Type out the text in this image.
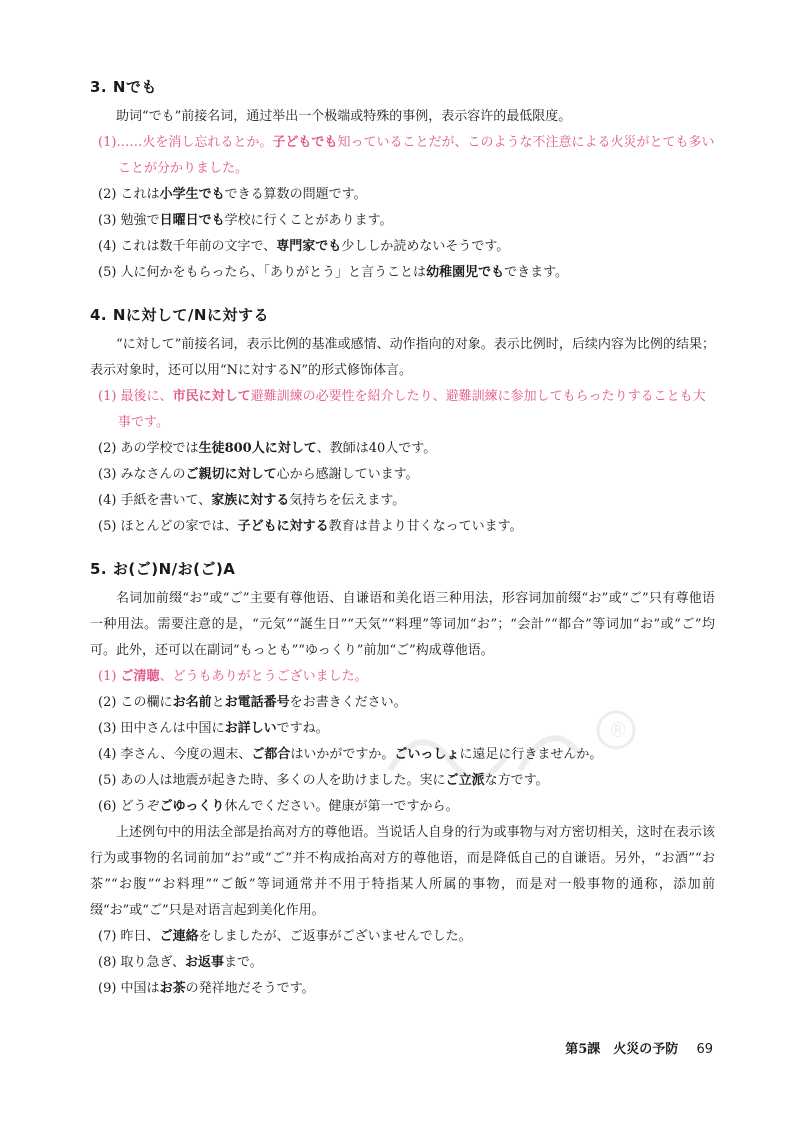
®
3. Nでも

助词“でも”前接名词，通过举出一个极端或特殊的事例，表示容许的最低限度。

(1)……火を消し忘れるとか。子どもでも知っていることだが、このような不注意による火災がとても多いことが分かりました。

(2) これは小学生でもできる算数の問題です。

(3) 勉強で日曜日でも学校に行くことがあります。

(4) これは数千年前の文字で、専門家でも少ししか読めないそうです。

(5) 人に何かをもらったら、「ありがとう」と言うことは幼稚園児でもできます。

4. Nに対して/Nに対する

“に対して”前接名词，表示比例的基准或感情、动作指向的对象。表示比例时，后续内容为比例的结果；表示对象时，还可以用“Nに対するN”的形式修饰体言。

(1) 最後に、市民に対して避難訓練の必要性を紹介したり、避難訓練に参加してもらったりすることも大事です。

(2) あの学校では生徒800人に対して、教師は40人です。

(3) みなさんのご親切に対して心から感謝しています。

(4) 手紙を書いて、家族に対する気持ちを伝えます。

(5) ほとんどの家では、子どもに対する教育は昔より甘くなっています。

5. お(ご)N/お(ご)A

名词加前缀“お”或“ご”主要有尊他语、自谦语和美化语三种用法，形容词加前缀“お”或“ご”只有尊他语一种用法。需要注意的是，“元気”“誕生日”“天気”“料理”等词加“お”；“会計”“都合”等词加“お”或“ご”均可。此外，还可以在副词“もっとも”“ゆっくり”前加“ご”构成尊他语。

(1) ご清聴、どうもありがとうございました。

(2) この欄にお名前とお電話番号をお書きください。

(3) 田中さんは中国にお詳しいですね。

(4) 李さん、今度の週末、ご都合はいかがですか。ごいっしょに遠足に行きませんか。

(5) あの人は地震が起きた時、多くの人を助けました。実にご立派な方です。

(6) どうぞごゆっくり休んでください。健康が第一ですから。

上述例句中的用法全部是抬高对方的尊他语。当说话人自身的行为或事物与对方密切相关，这时在表示该行为或事物的名词前加“お”或“ご”并不构成抬高对方的尊他语，而是降低自己的自谦语。另外，“お酒”“お茶”“お腹”“お料理”“ご飯”等词通常并不用于特指某人所属的事物，而是对一般事物的通称，添加前缀“お”或“ご”只是对语言起到美化作用。

(7) 昨日、ご連絡をしましたが、ご返事がございませんでした。

(8) 取り急ぎ、お返事まで。

(9) 中国はお茶の発祥地だそうです。

第5課　火災の予防 69
